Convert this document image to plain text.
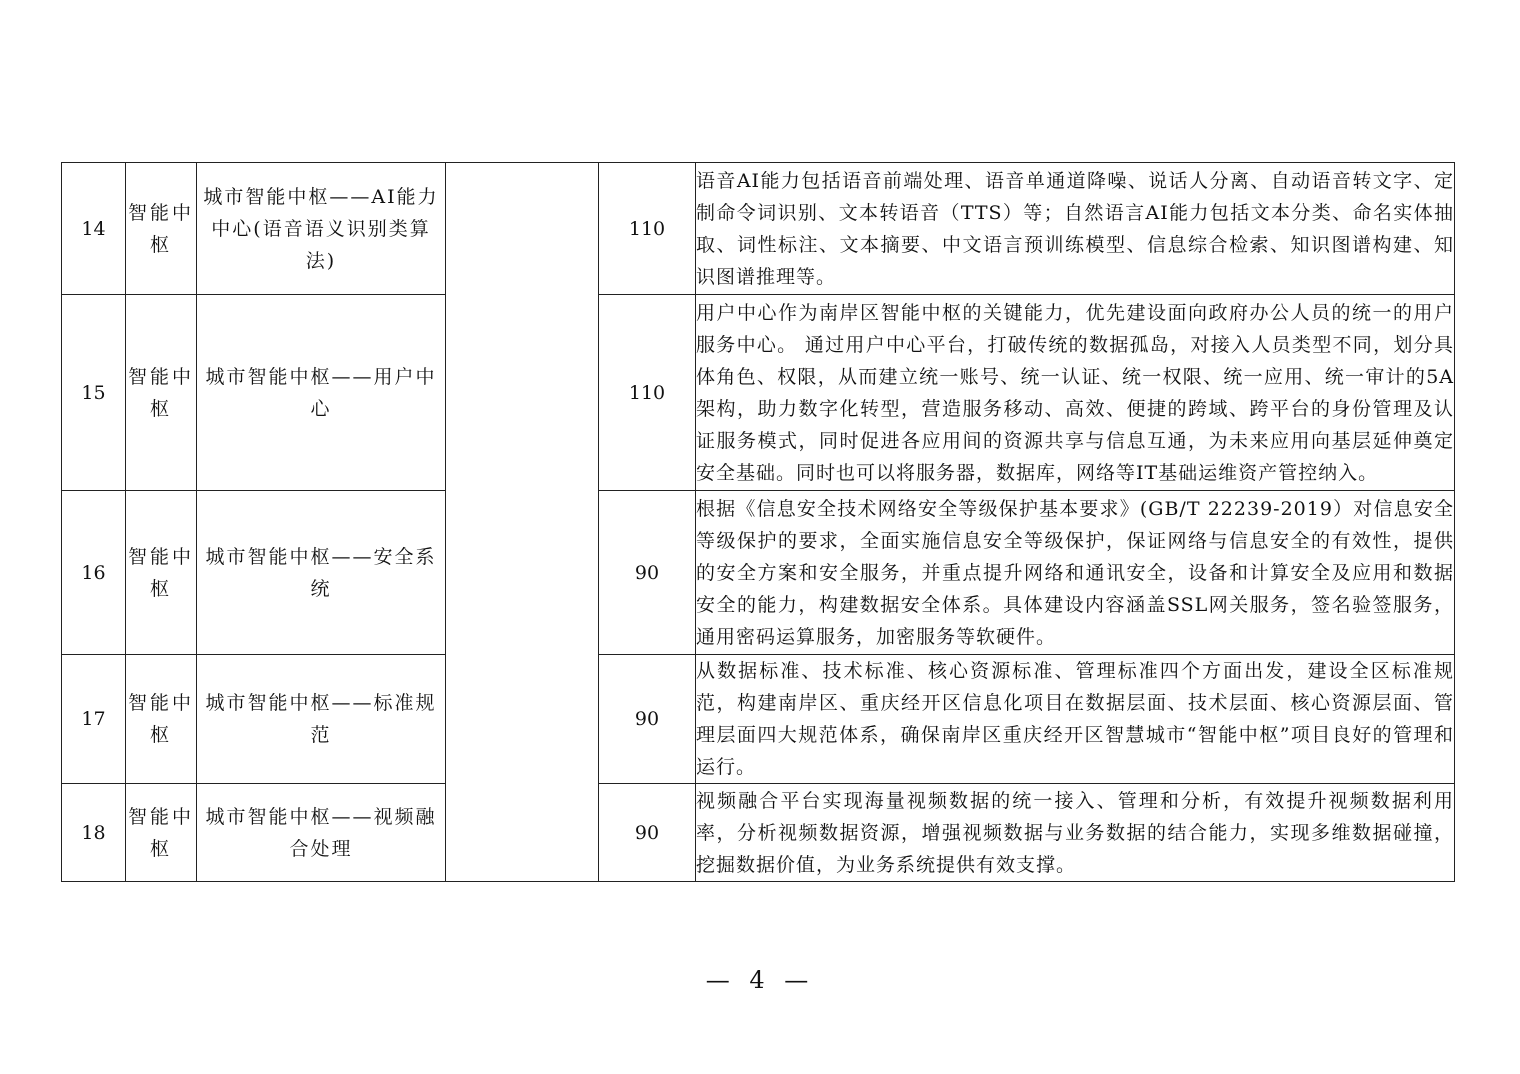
14	智能中枢	城市智能中枢——AI能力中心(语音语义识别类算法)		110	语音AI能力包括语音前端处理、语音单通道降噪、说话人分离、自动语音转文字、定制命令词识别、文本转语音（TTS）等；自然语言AI能力包括文本分类、命名实体抽取、词性标注、文本摘要、中文语言预训练模型、信息综合检索、知识图谱构建、知识图谱推理等。
15	智能中枢	城市智能中枢——用户中心		110	用户中心作为南岸区智能中枢的关键能力，优先建设面向政府办公人员的统一的用户服务中心。 通过用户中心平台，打破传统的数据孤岛，对接入人员类型不同，划分具体角色、权限，从而建立统一账号、统一认证、统一权限、统一应用、统一审计的5A架构，助力数字化转型，营造服务移动、高效、便捷的跨域、跨平台的身份管理及认证服务模式，同时促进各应用间的资源共享与信息互通，为未来应用向基层延伸奠定安全基础。同时也可以将服务器，数据库，网络等IT基础运维资产管控纳入。
16	智能中枢	城市智能中枢——安全系统		90	根据《信息安全技术网络安全等级保护基本要求》(GB/T 22239-2019）对信息安全等级保护的要求，全面实施信息安全等级保护，保证网络与信息安全的有效性，提供的安全方案和安全服务，并重点提升网络和通讯安全，设备和计算安全及应用和数据安全的能力，构建数据安全体系。具体建设内容涵盖SSL网关服务，签名验签服务，通用密码运算服务，加密服务等软硬件。
17	智能中枢	城市智能中枢——标准规范		90	从数据标准、技术标准、核心资源标准、管理标准四个方面出发，建设全区标准规范，构建南岸区、重庆经开区信息化项目在数据层面、技术层面、核心资源层面、管理层面四大规范体系，确保南岸区重庆经开区智慧城市“智能中枢”项目良好的管理和运行。
18	智能中枢	城市智能中枢——视频融合处理		90	视频融合平台实现海量视频数据的统一接入、管理和分析，有效提升视频数据利用率，分析视频数据资源，增强视频数据与业务数据的结合能力，实现多维数据碰撞，挖掘数据价值，为业务系统提供有效支撑。
— 4 —
